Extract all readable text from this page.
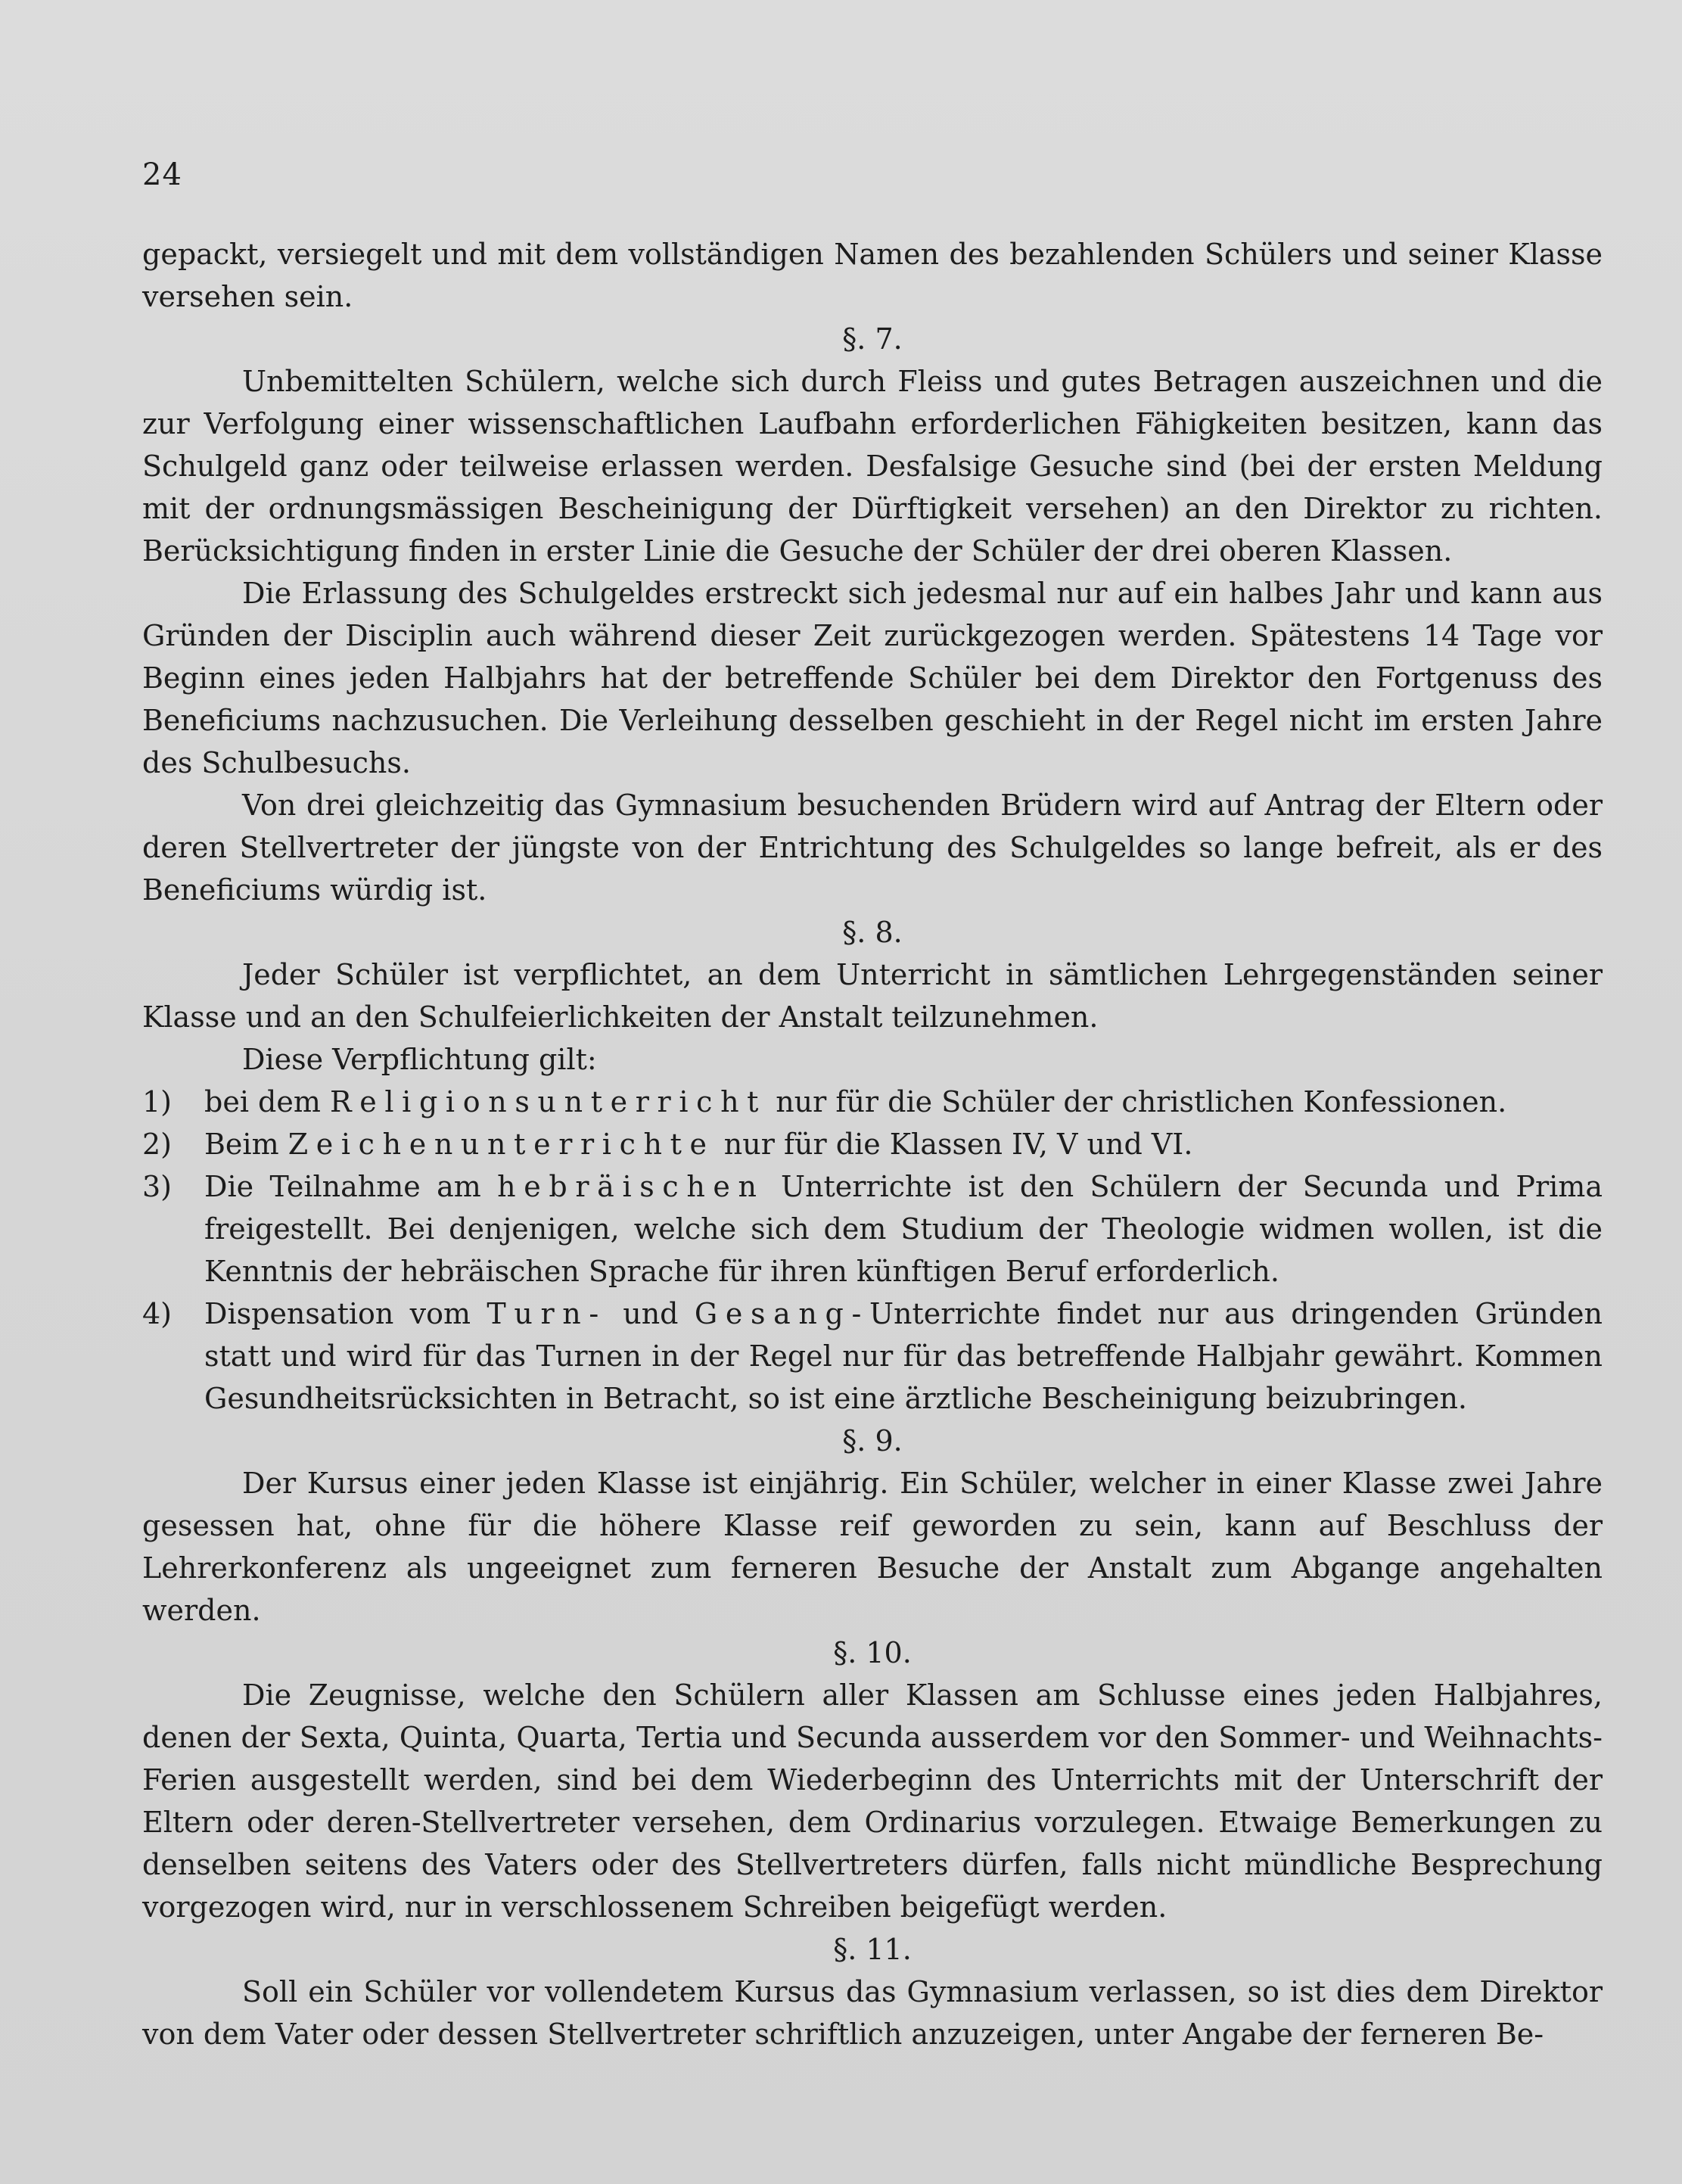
24

gepackt, versiegelt und mit dem vollständigen Namen des bezahlenden Schülers und seiner Klasse versehen sein.

§. 7.

Unbemittelten Schülern, welche sich durch Fleiss und gutes Betragen auszeichnen und die zur Verfolgung einer wissenschaftlichen Laufbahn erforderlichen Fähigkeiten besitzen, kann das Schulgeld ganz oder teilweise erlassen werden. Desfalsige Gesuche sind (bei der ersten Meldung mit der ordnungsmässigen Bescheinigung der Dürftigkeit versehen) an den Direktor zu richten. Berücksichtigung finden in erster Linie die Gesuche der Schüler der drei oberen Klassen.

Die Erlassung des Schulgeldes erstreckt sich jedesmal nur auf ein halbes Jahr und kann aus Gründen der Disciplin auch während dieser Zeit zurückgezogen werden. Spätestens 14 Tage vor Beginn eines jeden Halbjahrs hat der betreffende Schüler bei dem Direktor den Fortgenuss des Beneficiums nachzusuchen. Die Verleihung desselben geschieht in der Regel nicht im ersten Jahre des Schulbesuchs.

Von drei gleichzeitig das Gymnasium besuchenden Brüdern wird auf Antrag der Eltern oder deren Stellvertreter der jüngste von der Entrichtung des Schulgeldes so lange befreit, als er des Beneficiums würdig ist.

§. 8.

Jeder Schüler ist verpflichtet, an dem Unterricht in sämtlichen Lehrgegenständen seiner Klasse und an den Schulfeierlichkeiten der Anstalt teilzunehmen.

Diese Verpflichtung gilt:

1)	bei dem Religionsunterricht nur für die Schüler der christlichen Konfessionen.
2)	Beim Zeichenunterrichte nur für die Klassen IV, V und VI.
3)	Die Teilnahme am hebräischen Unterrichte ist den Schülern der Secunda und Prima freigestellt. Bei denjenigen, welche sich dem Studium der Theologie widmen wollen, ist die Kenntnis der hebräischen Sprache für ihren künftigen Beruf erforderlich.
4)	Dispensation vom Turn- und Gesang-Unterrichte findet nur aus dringenden Gründen statt und wird für das Turnen in der Regel nur für das betreffende Halbjahr gewährt. Kommen Gesundheitsrücksichten in Betracht, so ist eine ärztliche Bescheinigung beizubringen.

§. 9.

Der Kursus einer jeden Klasse ist einjährig. Ein Schüler, welcher in einer Klasse zwei Jahre gesessen hat, ohne für die höhere Klasse reif geworden zu sein, kann auf Beschluss der Lehrerkonferenz als ungeeignet zum ferneren Besuche der Anstalt zum Abgange angehalten werden.

§. 10.

Die Zeugnisse, welche den Schülern aller Klassen am Schlusse eines jeden Halbjahres, denen der Sexta, Quinta, Quarta, Tertia und Secunda ausserdem vor den Sommer- und Weihnachts-Ferien ausgestellt werden, sind bei dem Wiederbeginn des Unterrichts mit der Unterschrift der Eltern oder deren-Stellvertreter versehen, dem Ordinarius vorzulegen. Etwaige Bemerkungen zu denselben seitens des Vaters oder des Stellvertreters dürfen, falls nicht mündliche Besprechung vorgezogen wird, nur in verschlossenem Schreiben beigefügt werden.

§. 11.

Soll ein Schüler vor vollendetem Kursus das Gymnasium verlassen, so ist dies dem Direktor von dem Vater oder dessen Stellvertreter schriftlich anzuzeigen, unter Angabe der ferneren Be-
